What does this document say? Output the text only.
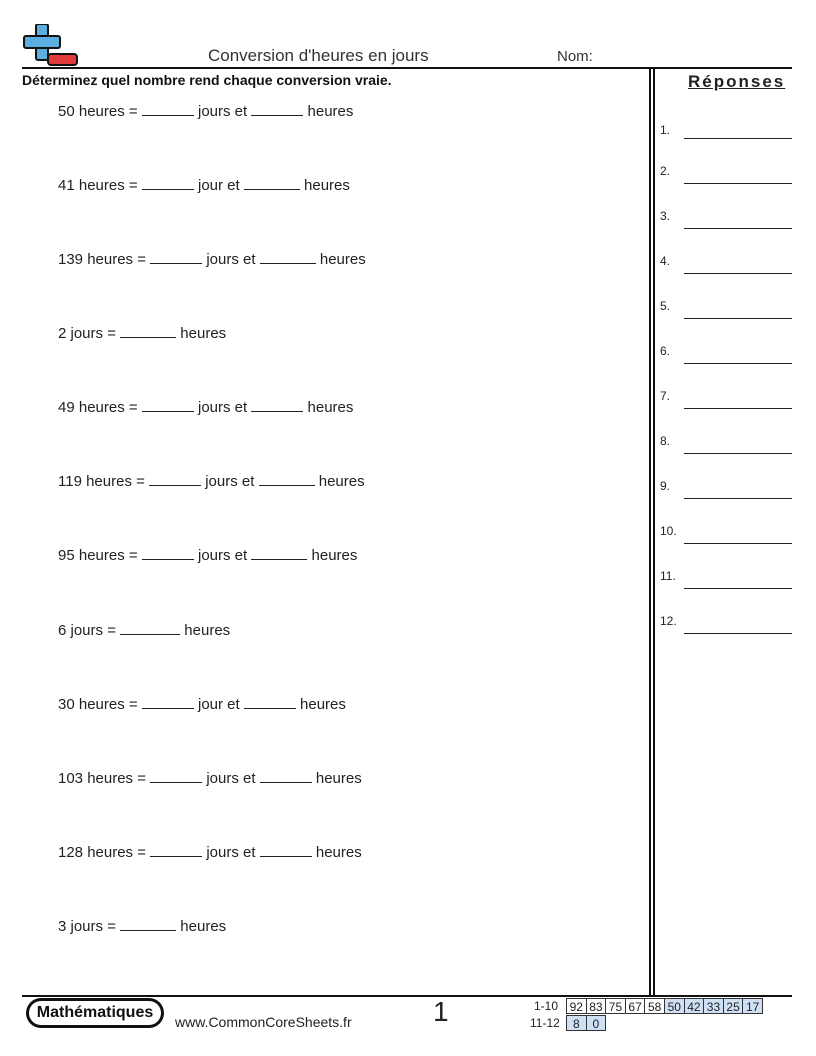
Conversion d'heures en jours	Nom:
Déterminez quel nombre rend chaque conversion vraie.	Réponses
50 heures =	jours et	heures
41 heures =	jour et	heures
139 heures =	jours et	heures
2 jours =	heures
49 heures =	jours et	heures
119 heures =	jours et	heures
95 heures =	jours et	heures
6 jours =	heures
30 heures =	jour et	heures
103 heures =	jours et	heures
128 heures =	jours et	heures
3 jours =	heures
1.
2.
3.
4.
5.
6.
7.
8.
9.
10.
11.
12.
Mathématiques
www.CommonCoreSheets.fr	1	1-10 92 83 75 67 58 50 42 33 25 17
11-12	8	0
